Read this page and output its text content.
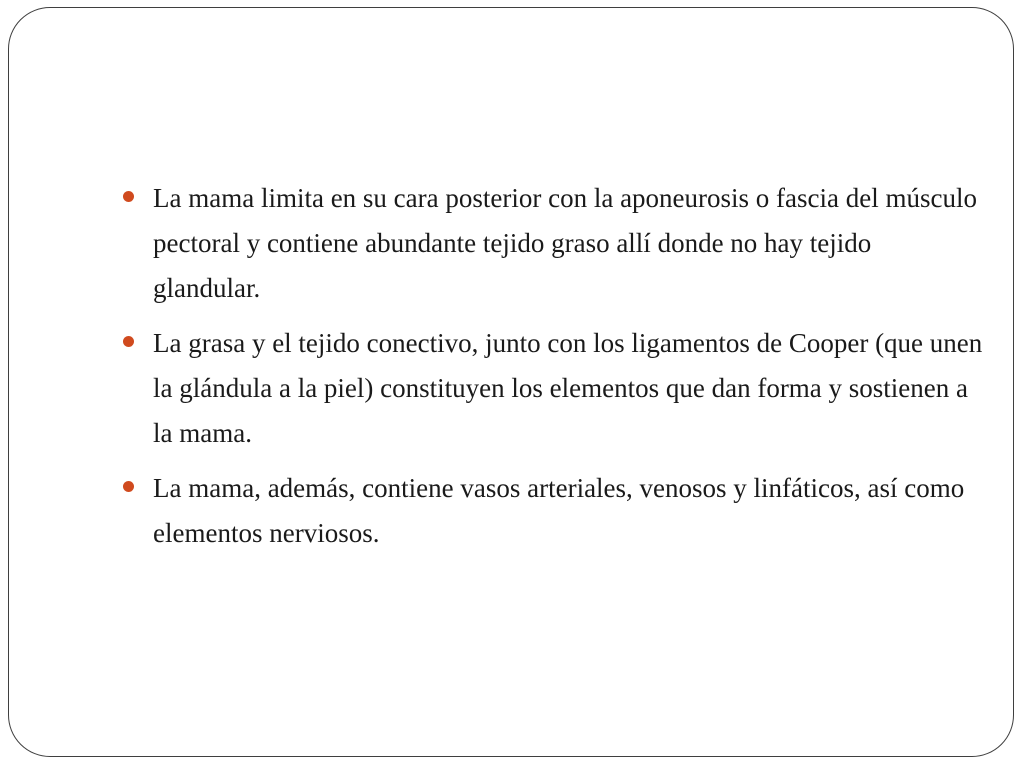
La mama limita en su cara posterior con la aponeurosis o fascia del músculo pectoral y contiene abundante tejido graso allí donde no hay tejido glandular.
La grasa y el tejido conectivo, junto con los ligamentos de Cooper (que unen la glándula a la piel) constituyen los elementos que dan forma y sostienen a la mama.
La mama, además, contiene vasos arteriales, venosos y linfáticos, así como elementos nerviosos.
